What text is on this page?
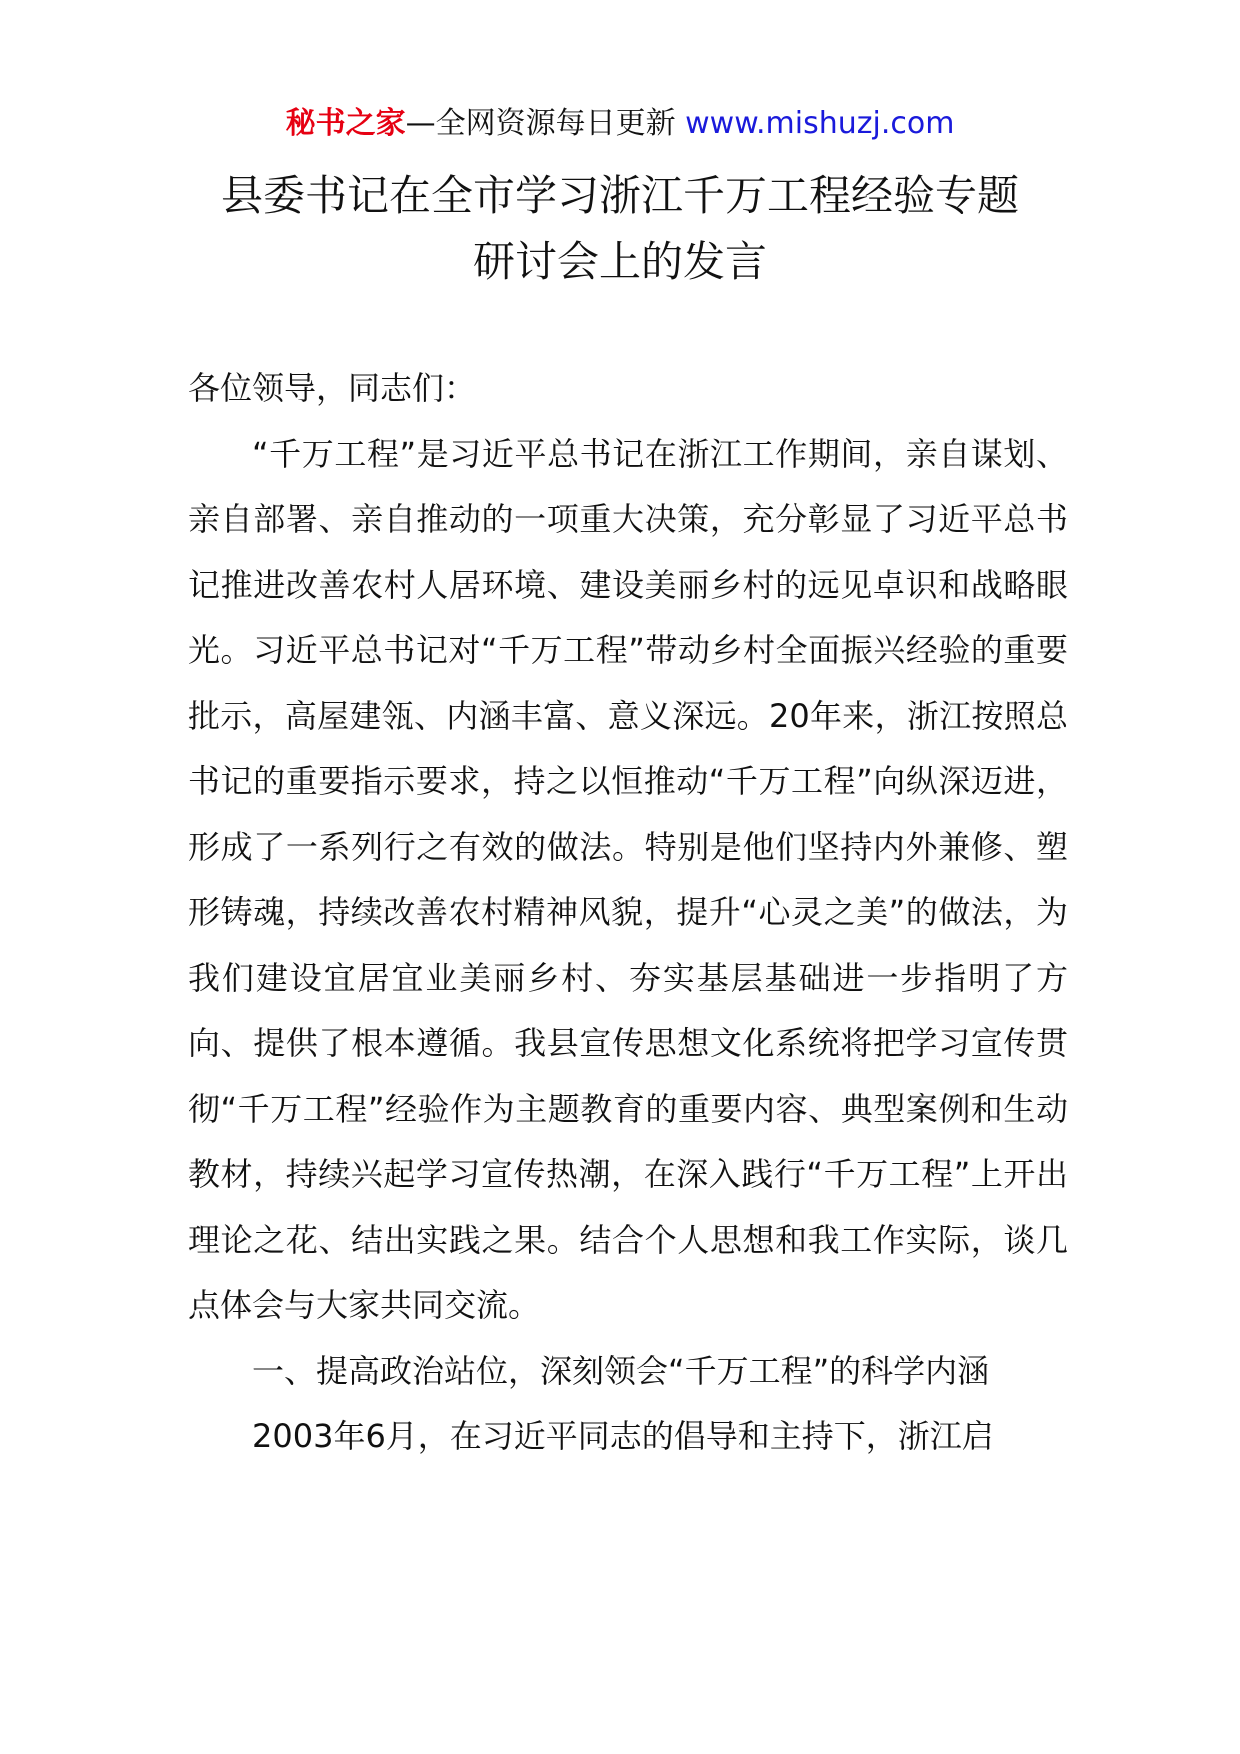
秘书之家—全网资源每日更新 www.mishuzj.com
县委书记在全市学习浙江千万工程经验专题
研讨会上的发言

各位领导，同志们：

“千万工程”是习近平总书记在浙江工作期间，亲自谋划、亲自部署、亲自推动的一项重大决策，充分彰显了习近平总书记推进改善农村人居环境、建设美丽乡村的远见卓识和战略眼光。习近平总书记对“千万工程”带动乡村全面振兴经验的重要批示，高屋建瓴、内涵丰富、意义深远。20年来，浙江按照总书记的重要指示要求，持之以恒推动“千万工程”向纵深迈进，形成了一系列行之有效的做法。特别是他们坚持内外兼修、塑形铸魂，持续改善农村精神风貌，提升“心灵之美”的做法，为我们建设宜居宜业美丽乡村、夯实基层基础进一步指明了方向、提供了根本遵循。我县宣传思想文化系统将把学习宣传贯彻“千万工程”经验作为主题教育的重要内容、典型案例和生动教材，持续兴起学习宣传热潮，在深入践行“千万工程”上开出理论之花、结出实践之果。结合个人思想和我工作实际，谈几点体会与大家共同交流。

一、提高政治站位，深刻领会“千万工程”的科学内涵

2003年6月，在习近平同志的倡导和主持下，浙江启
